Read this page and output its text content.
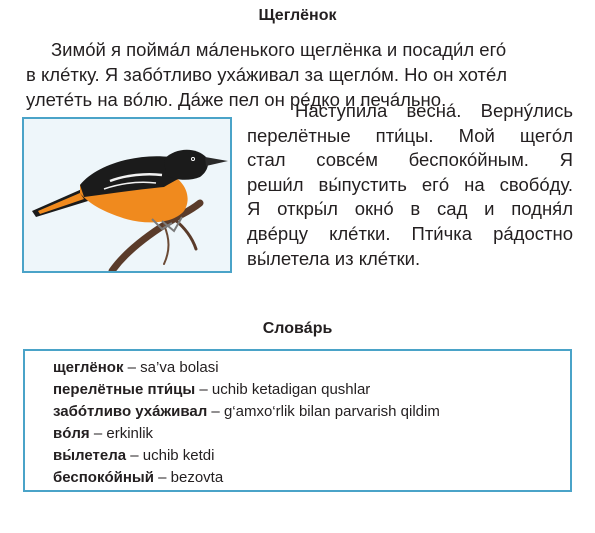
Щеглёнок

Зимо́й я пойма́л ма́ленького щеглёнка и посади́л его́
в клéтку. Я забóтливо ухáживал за щеглóм. Но он хотéл
улетéть на вóлю. Дáже пел он рéдко и печáльно.

Наступи́ла веснá. Вернýлись
перелётные пти́цы. Мой щегóл
стал совсéм беспокóйным. Я
реши́л вы́пустить егó на свобóду.
Я откры́л oкнó в сад и подня́л
двéрцу клéтки. Пти́чка рáдостно
вы́летела из клéтки.
Словáрь
щеглёнок – sa’va bolasi
перелётные пти́цы – uchib ketadigan qushlar
забóтливо ухáживал – g‘amxo‘rlik bilan parvarish qildim
вóля – erkinlik
вы́летела – uchib ketdi
беспокóйный – bezovta
